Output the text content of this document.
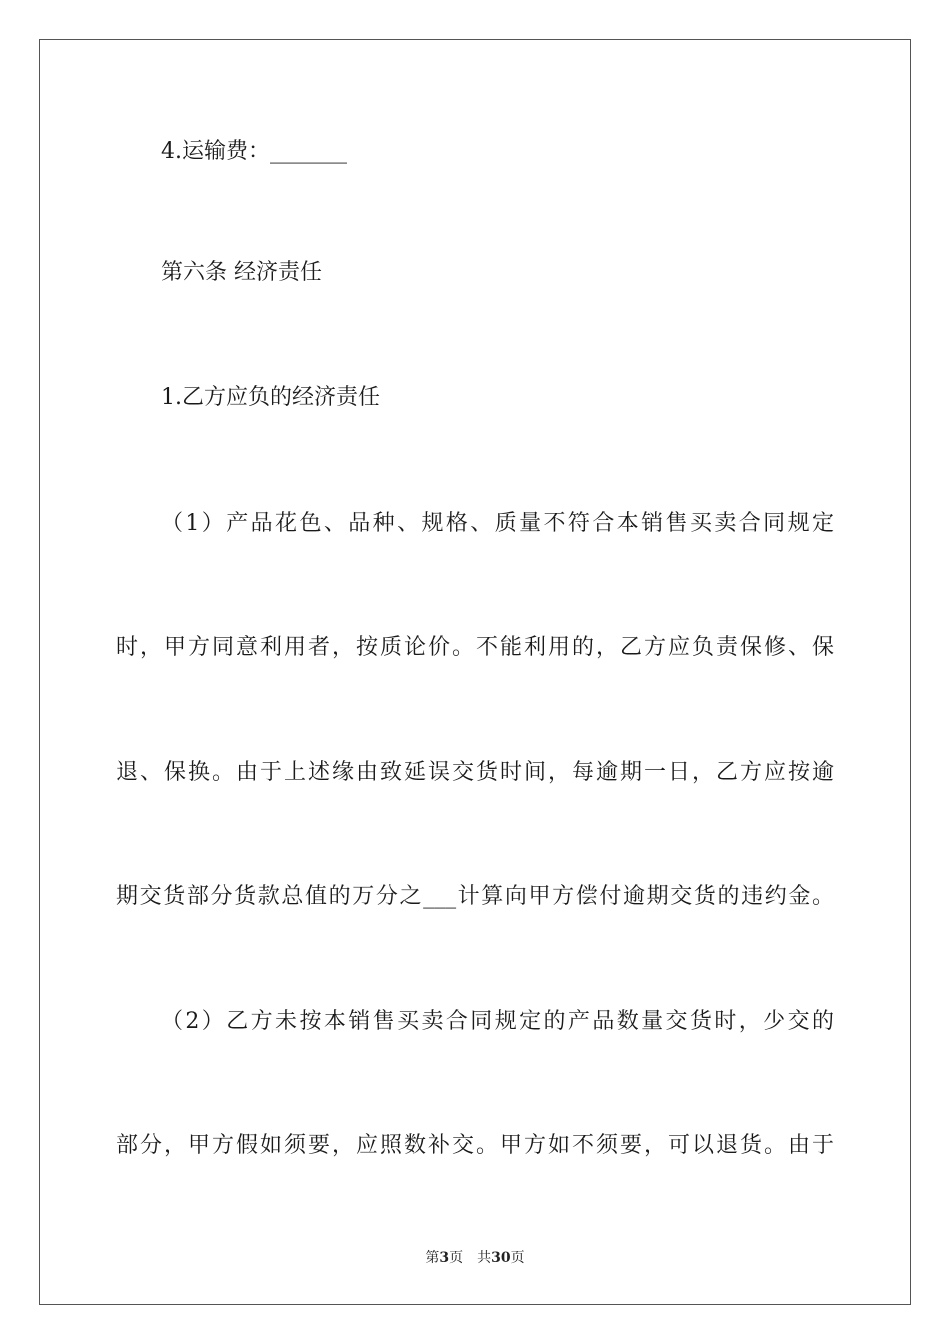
4.运输费：_______
第六条 经济责任
1.乙方应负的经济责任
（1）产品花色、品种、规格、质量不符合本销售买卖合同规定
时，甲方同意利用者，按质论价。不能利用的，乙方应负责保修、保
退、保换。由于上述缘由致延误交货时间，每逾期一日，乙方应按逾
期交货部分货款总值的万分之___计算向甲方偿付逾期交货的违约金。
（2）乙方未按本销售买卖合同规定的产品数量交货时，少交的
部分，甲方假如须要，应照数补交。甲方如不须要，可以退货。由于
第3页 共30页
